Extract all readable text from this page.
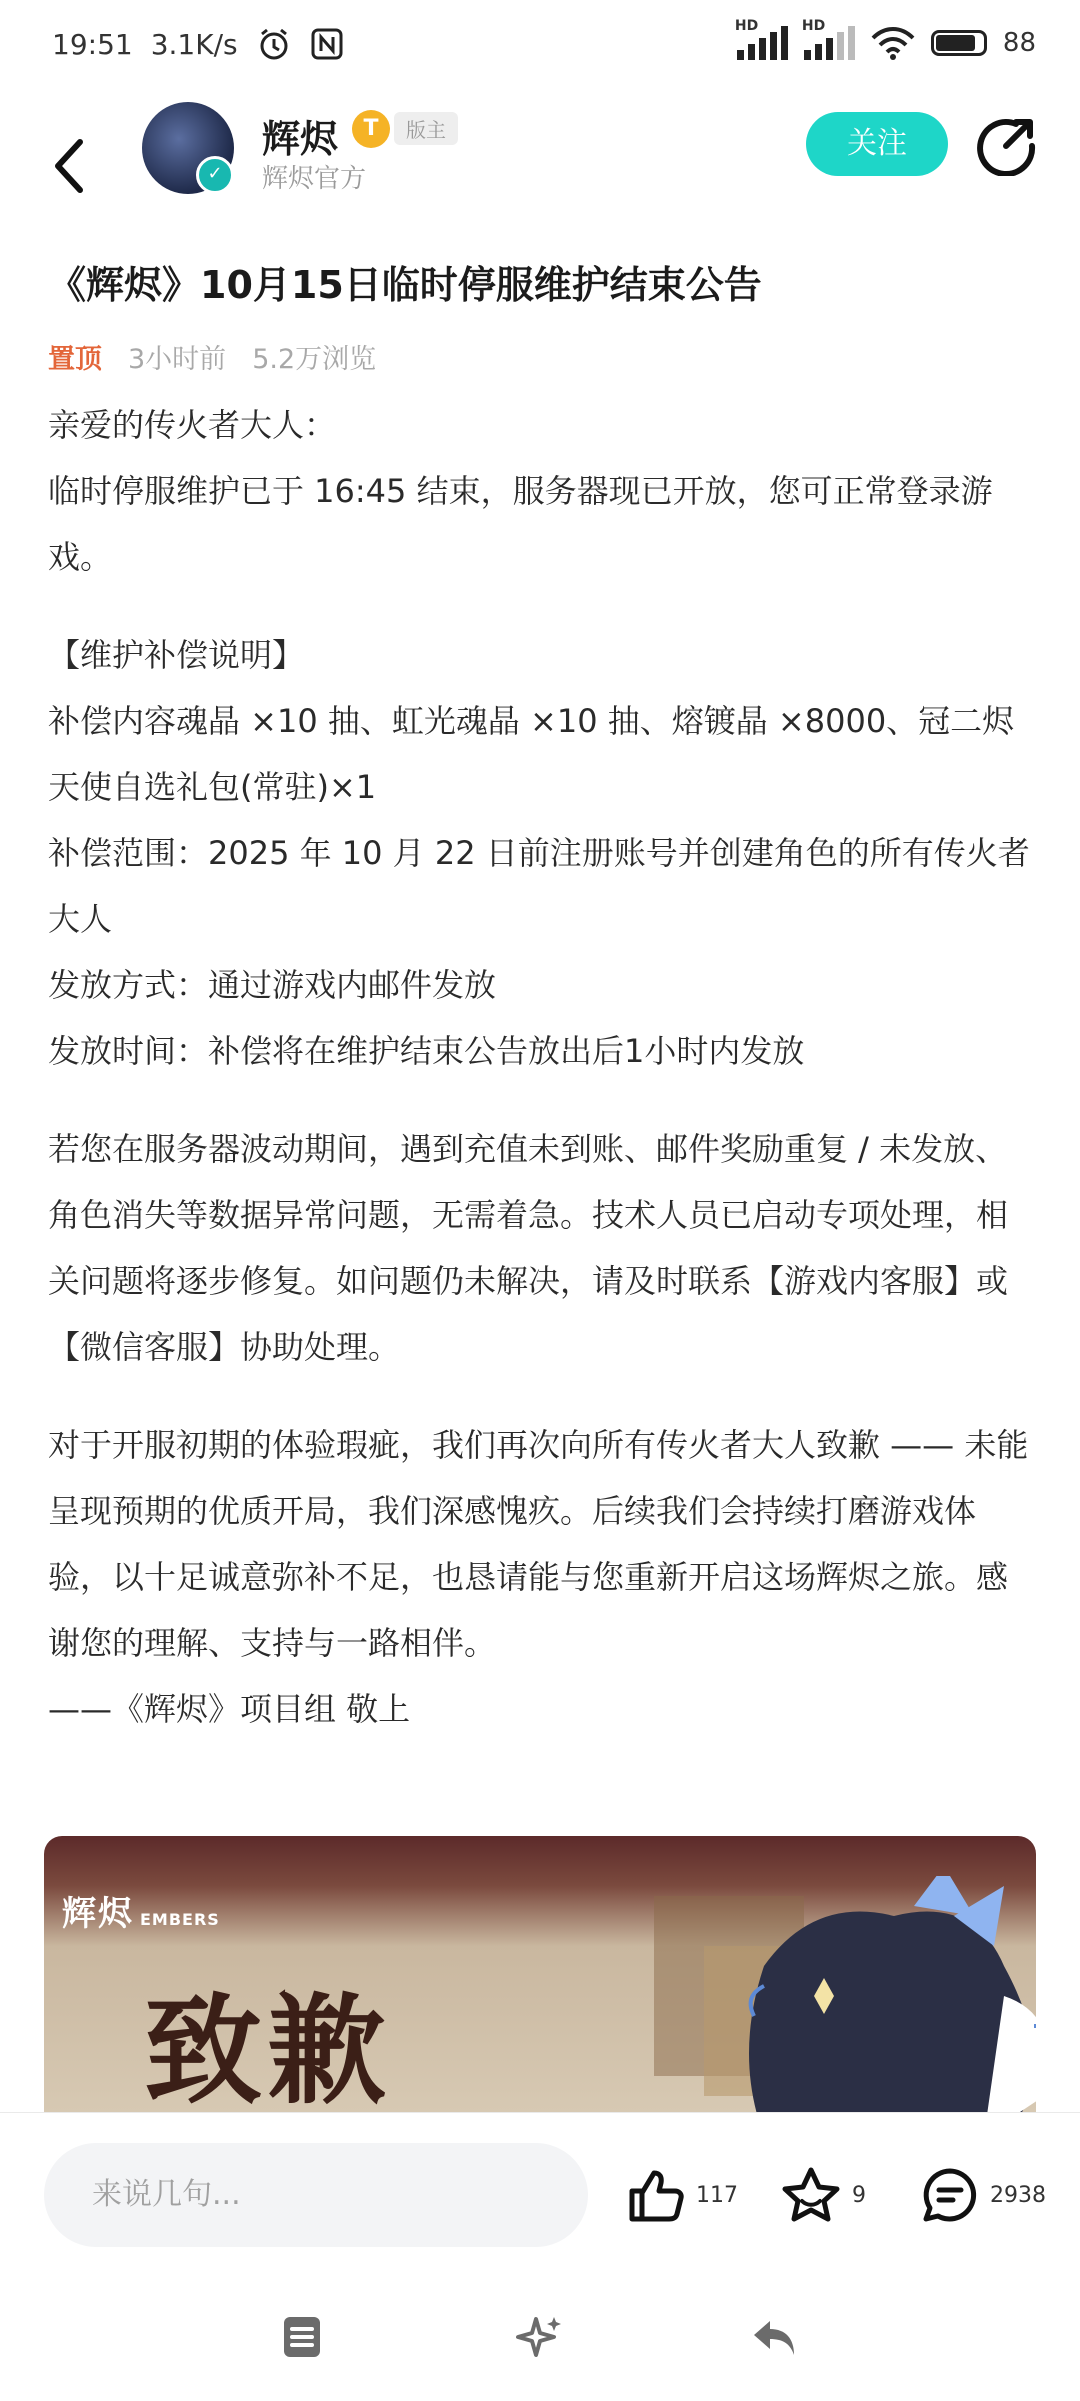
19:51 3.1K/s
HD	HD
88
✓
辉烬	T	版主
辉烬官方
关注
《辉烬》10月15日临时停服维护结束公告
置顶 3小时前 5.2万浏览

亲爱的传火者大人：

临时停服维护已于 16:45 结束，服务器现已开放，您可正常登录游戏。

【维护补偿说明】

补偿内容魂晶 ×10 抽、虹光魂晶 ×10 抽、熔镀晶 ×8000、冠二烬天使自选礼包(常驻)×1

补偿范围：2025 年 10 月 22 日前注册账号并创建角色的所有传火者大人

发放方式：通过游戏内邮件发放

发放时间：补偿将在维护结束公告放出后1小时内发放

若您在服务器波动期间，遇到充值未到账、邮件奖励重复 / 未发放、角色消失等数据异常问题，无需着急。技术人员已启动专项处理，相关问题将逐步修复。如问题仍未解决，请及时联系【游戏内客服】或【微信客服】协助处理。

对于开服初期的体验瑕疵，我们再次向所有传火者大人致歉 —— 未能呈现预期的优质开局，我们深感愧疚。后续我们会持续打磨游戏体验，以十足诚意弥补不足，也恳请能与您重新开启这场辉烬之旅。感谢您的理解、支持与一路相伴。

——《辉烬》项目组 敬上

辉烬 EMBERS
致歉
来说几句...	117	9	2938
